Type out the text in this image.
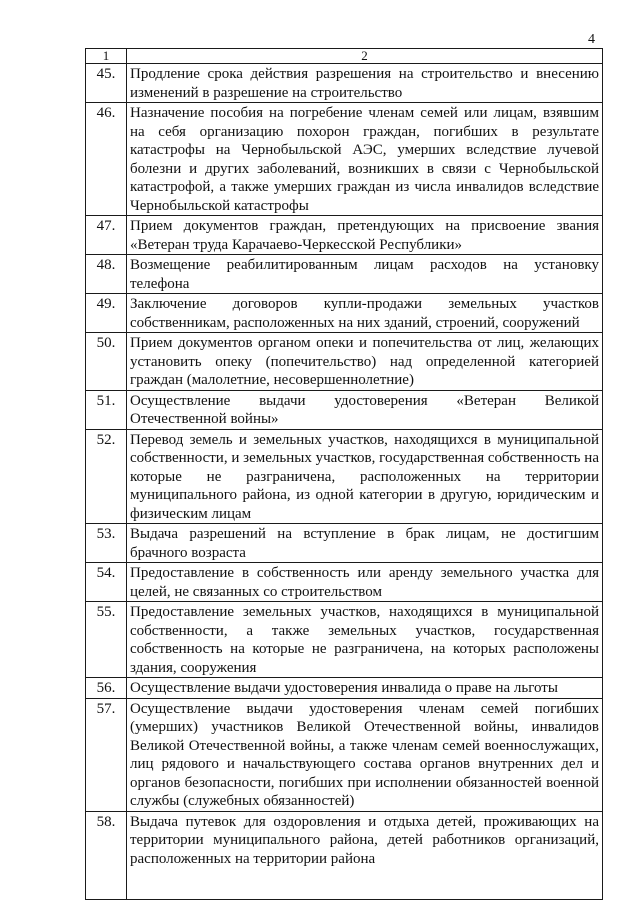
4
1	2
45.	Продление срока действия разрешения на строительство и внесению изменений в разрешение на строительство
46.	Назначение пособия на погребение членам семей или лицам, взявшим на себя организацию похорон граждан, погибших в результате катастрофы на Чернобыльской АЭС, умерших вследствие лучевой болезни и других заболеваний, возникших в связи с Чернобыльской катастрофой, а также умерших граждан из числа инвалидов вследствие Чернобыльской катастрофы
47.	Прием документов граждан, претендующих на присвоение звания «Ветеран труда Карачаево-Черкесской Республики»
48.	Возмещение реабилитированным лицам расходов на установку телефона
49.	Заключение договоров купли-продажи земельных участков собственникам, расположенных на них зданий, строений, сооружений
50.	Прием документов органом опеки и попечительства от лиц, желающих установить опеку (попечительство) над определенной категорией граждан (малолетние, несовершеннолетние)
51.	Осуществление выдачи удостоверения «Ветеран Великой Отечественной войны»
52.	Перевод земель и земельных участков, находящихся в муниципальной собственности, и земельных участков, государственная собственность на которые не разграничена, расположенных на территории муниципального района, из одной категории в другую, юридическим и физическим лицам
53.	Выдача разрешений на вступление в брак лицам, не достигшим брачного возраста
54.	Предоставление в собственность или аренду земельного участка для целей, не связанных со строительством
55.	Предоставление земельных участков, находящихся в муниципальной собственности, а также земельных участков, государственная собственность на которые не разграничена, на которых расположены здания, сооружения
56.	Осуществление выдачи удостоверения инвалида о праве на льготы
57.	Осуществление выдачи удостоверения членам семей погибших (умерших) участников Великой Отечественной войны, инвалидов Великой Отечественной войны, а также членам семей военнослужащих, лиц рядового и начальствующего состава органов внутренних дел и органов безопасности, погибших при исполнении обязанностей военной службы (служебных обязанностей)
58.	Выдача путевок для оздоровления и отдыха детей, проживающих на территории муниципального района, детей работников организаций, расположенных на территории района
